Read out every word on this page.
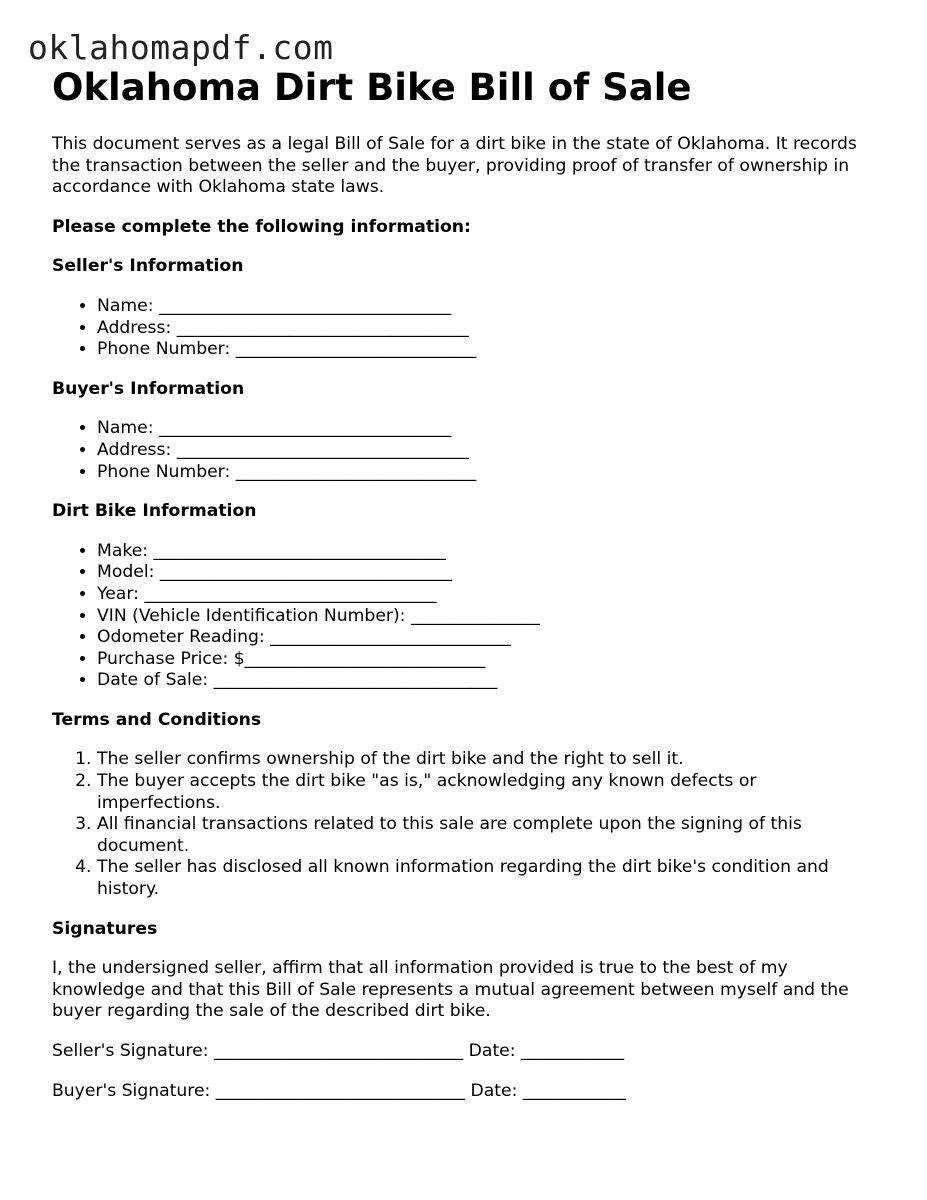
oklahomapdf.com
Oklahoma Dirt Bike Bill of Sale

This document serves as a legal Bill of Sale for a dirt bike in the state of Oklahoma. It records the transaction between the seller and the buyer, providing proof of transfer of ownership in accordance with Oklahoma state laws.

Please complete the following information:

Seller's Information
• Name: __________________________________
• Address: __________________________________
• Phone Number: ____________________________
Buyer's Information
• Name: __________________________________
• Address: __________________________________
• Phone Number: ____________________________
Dirt Bike Information
• Make: __________________________________
• Model: __________________________________
• Year: __________________________________
• VIN (Vehicle Identification Number): _______________
• Odometer Reading: ____________________________
• Purchase Price: $____________________________
• Date of Sale: _________________________________
Terms and Conditions
1. The seller confirms ownership of the dirt bike and the right to sell it.
2. The buyer accepts the dirt bike "as is," acknowledging any known defects or imperfections.
3. All financial transactions related to this sale are complete upon the signing of this document.
4. The seller has disclosed all known information regarding the dirt bike's condition and history.
Signatures

I, the undersigned seller, affirm that all information provided is true to the best of my knowledge and that this Bill of Sale represents a mutual agreement between myself and the buyer regarding the sale of the described dirt bike.

Seller's Signature: _____________________________ Date: ____________

Buyer's Signature: _____________________________ Date: ____________
